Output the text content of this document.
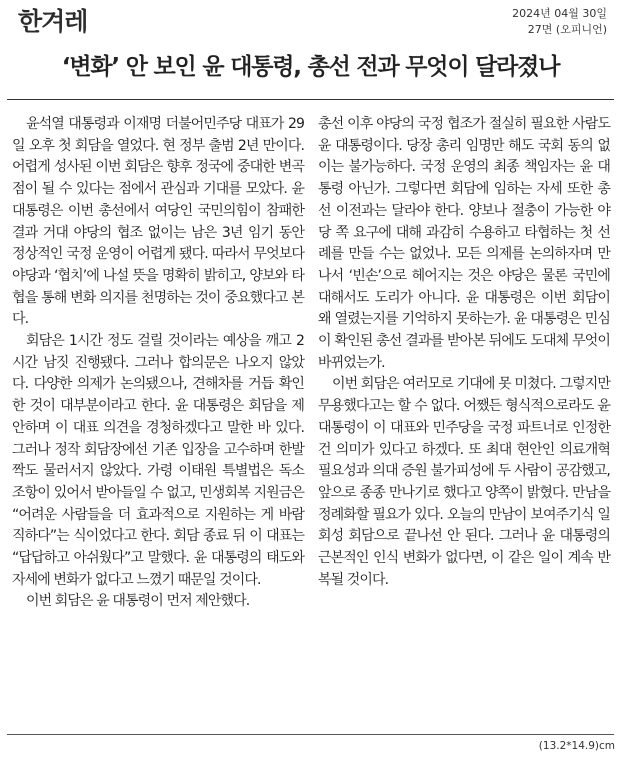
한겨레	2024년 04월 30일
27면 (오피니언)
‘변화’ 안 보인 윤 대통령, 총선 전과 무엇이 달라졌나

윤석열 대통령과 이재명 더불어민주당 대표가 29일 오후 첫 회담을 열었다. 현 정부 출범 2년 만이다. 어렵게 성사된 이번 회담은 향후 정국에 중대한 변곡점이 될 수 있다는 점에서 관심과 기대를 모았다. 윤 대통령은 이번 총선에서 여당인 국민의힘이 참패한 결과 거대 야당의 협조 없이는 남은 3년 임기 동안 정상적인 국정 운영이 어렵게 됐다. 따라서 무엇보다 야당과 ‘협치’에 나설 뜻을 명확히 밝히고, 양보와 타협을 통해 변화 의지를 천명하는 것이 중요했다고 본다.

회담은 1시간 정도 걸릴 것이라는 예상을 깨고 2시간 남짓 진행됐다. 그러나 합의문은 나오지 않았다. 다양한 의제가 논의됐으나, 견해차를 거듭 확인한 것이 대부분이라고 한다. 윤 대통령은 회담을 제안하며 이 대표 의견을 경청하겠다고 말한 바 있다. 그러나 정작 회담장에선 기존 입장을 고수하며 한발짝도 물러서지 않았다. 가령 이태원 특별법은 독소 조항이 있어서 받아들일 수 없고, 민생회복 지원금은 “어려운 사람들을 더 효과적으로 지원하는 게 바람직하다”는 식이었다고 한다. 회담 종료 뒤 이 대표는 “답답하고 아쉬웠다”고 말했다. 윤 대통령의 태도와 자세에 변화가 없다고 느꼈기 때문일 것이다.

이번 회담은 윤 대통령이 먼저 제안했다.

총선 이후 야당의 국정 협조가 절실히 필요한 사람도 윤 대통령이다. 당장 총리 임명만 해도 국회 동의 없이는 불가능하다. 국정 운영의 최종 책임자는 윤 대통령 아닌가. 그렇다면 회담에 임하는 자세 또한 총선 이전과는 달라야 한다. 양보나 절충이 가능한 야당 쪽 요구에 대해 과감히 수용하고 타협하는 첫 선례를 만들 수는 없었나. 모든 의제를 논의하자며 만나서 ‘빈손’으로 헤어지는 것은 야당은 물론 국민에 대해서도 도리가 아니다. 윤 대통령은 이번 회담이 왜 열렸는지를 기억하지 못하는가. 윤 대통령은 민심이 확인된 총선 결과를 받아본 뒤에도 도대체 무엇이 바뀌었는가.

이번 회담은 여러모로 기대에 못 미쳤다. 그렇지만 무용했다고는 할 수 없다. 어쨌든 형식적으로라도 윤 대통령이 이 대표와 민주당을 국정 파트너로 인정한 건 의미가 있다고 하겠다. 또 최대 현안인 의료개혁 필요성과 의대 증원 불가피성에 두 사람이 공감했고, 앞으로 종종 만나기로 했다고 양쪽이 밝혔다. 만남을 정례화할 필요가 있다. 오늘의 만남이 보여주기식 일회성 회담으로 끝나선 안 된다. 그러나 윤 대통령의 근본적인 인식 변화가 없다면, 이 같은 일이 계속 반복될 것이다.

(13.2*14.9)cm
